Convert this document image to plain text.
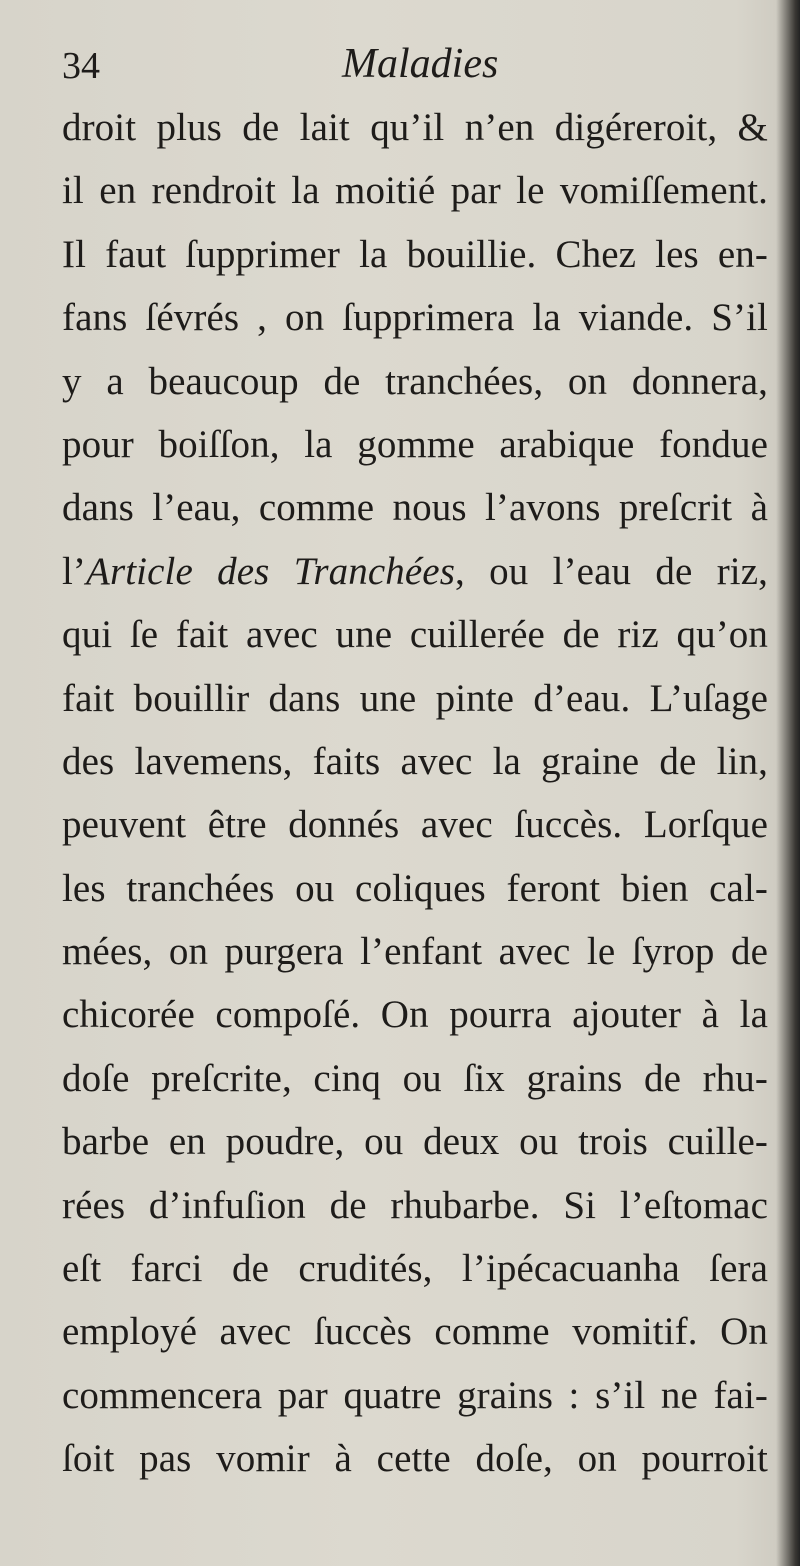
34	Maladies
droit plus de lait qu’il n’en digéreroit, &
il en rendroit la moitié par le vomiſſement.
Il faut ſupprimer la bouillie. Chez les en-
fans ſévrés , on ſupprimera la viande. S’il
y a beaucoup de tranchées, on donnera,
pour boiſſon, la gomme arabique fondue
dans l’eau, comme nous l’avons preſcrit à
l’Article des Tranchées, ou l’eau de riz,
qui ſe fait avec une cuillerée de riz qu’on
fait bouillir dans une pinte d’eau. L’uſage
des lavemens, faits avec la graine de lin,
peuvent être donnés avec ſuccès. Lorſque
les tranchées ou coliques feront bien cal-
mées, on purgera l’enfant avec le ſyrop de
chicorée compoſé. On pourra ajouter à la
doſe preſcrite, cinq ou ſix grains de rhu-
barbe en poudre, ou deux ou trois cuille-
rées d’infuſion de rhubarbe. Si l’eſtomac
eſt farci de crudités, l’ipécacuanha ſera
employé avec ſuccès comme vomitif. On
commencera par quatre grains : s’il ne fai-
ſoit pas vomir à cette doſe, on pourroit
